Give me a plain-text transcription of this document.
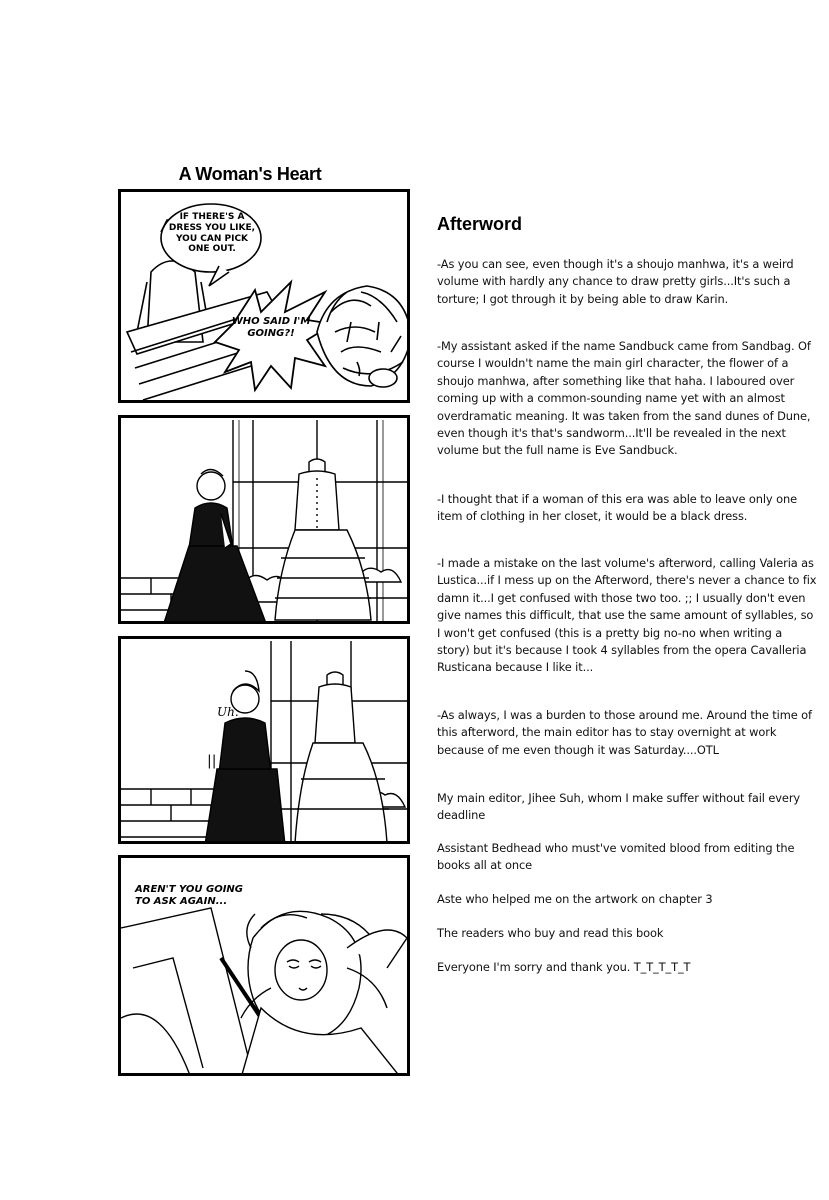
A Woman's Heart
IF THERE'S A DRESS YOU LIKE, YOU CAN PICK ONE OUT.
WHO SAID I'M GOING?!
Uh.
||
AREN'T YOU GOING TO ASK AGAIN...
Afterword

-As you can see, even though it's a shoujo manhwa, it's a weird volume with hardly any chance to draw pretty girls...It's such a torture; I got through it by being able to draw Karin.

-My assistant asked if the name Sandbuck came from Sandbag. Of course I wouldn't name the main girl character, the flower of a shoujo manhwa, after something like that haha. I laboured over coming up with a common-sounding name yet with an almost overdramatic meaning. It was taken from the sand dunes of Dune, even though it's that's sandworm...It'll be revealed in the next volume but the full name is Eve Sandbuck.

-I thought that if a woman of this era was able to leave only one item of clothing in her closet, it would be a black dress.

-I made a mistake on the last volume's afterword, calling Valeria as Lustica...if I mess up on the Afterword, there's never a chance to fix damn it...I get confused with those two too. ;; I usually don't even give names this difficult, that use the same amount of syllables, so I won't get confused (this is a pretty big no-no when writing a story) but it's because I took 4 syllables from the opera Cavalleria Rusticana because I like it...

-As always, I was a burden to those around me. Around the time of this afterword, the main editor has to stay overnight at work because of me even though it was Saturday....OTL

My main editor, Jihee Suh, whom I make suffer without fail every deadline

Assistant Bedhead who must've vomited blood from editing the books all at once

Aste who helped me on the artwork on chapter 3

The readers who buy and read this book

Everyone I'm sorry and thank you. T_T_T_T_T
